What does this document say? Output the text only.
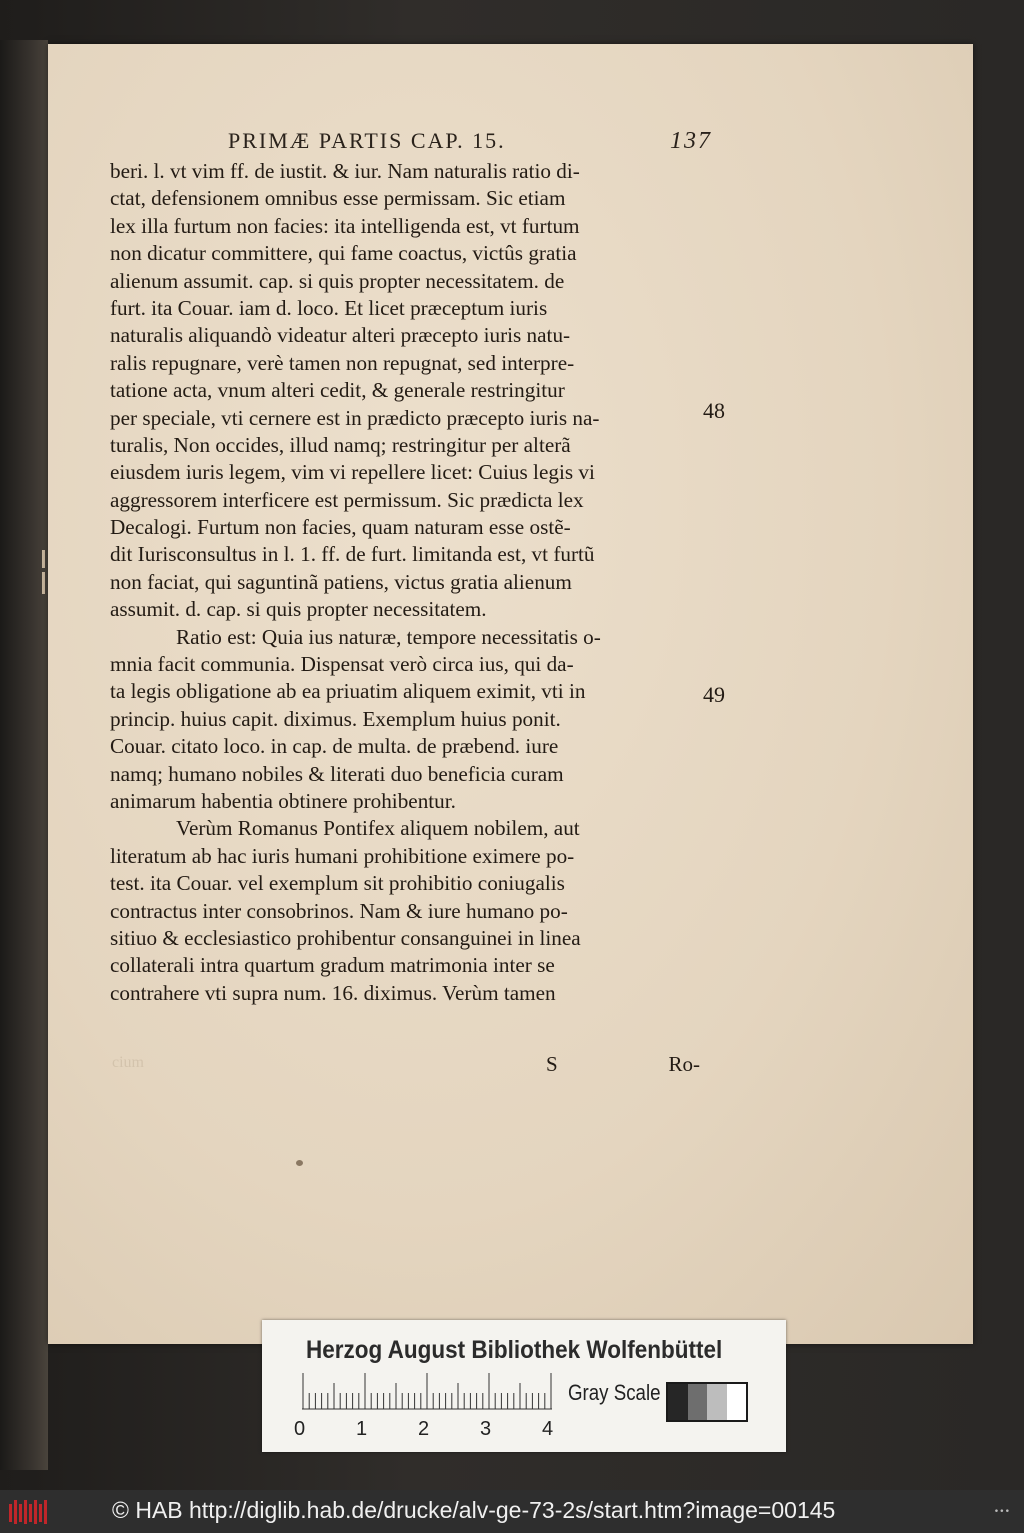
PRIMÆ PARTIS CAP. 15.	137
beri. l. vt vim ff. de iustit. & iur. Nam naturalis ratio di-
ctat, defensionem omnibus esse permissam. Sic etiam
lex illa furtum non facies: ita intelligenda est, vt furtum
non dicatur committere, qui fame coactus, victûs gratia
alienum assumit. cap. si quis propter necessitatem. de
furt. ita Couar. iam d. loco. Et licet præceptum iuris
naturalis aliquandò videatur alteri præcepto iuris natu-
ralis repugnare, verè tamen non repugnat, sed interpre-
tatione acta, vnum alteri cedit, & generale restringitur
per speciale, vti cernere est in prædicto præcepto iuris na-
turalis, Non occides, illud namq; restringitur per alterã
eiusdem iuris legem, vim vi repellere licet: Cuius legis vi
aggressorem interficere est permissum. Sic prædicta lex
Decalogi. Furtum non facies, quam naturam esse ostẽ-
dit Iurisconsultus in l. 1. ff. de furt. limitanda est, vt furtũ
non faciat, qui saguntinã patiens, victus gratia alienum
assumit. d. cap. si quis propter necessitatem.
Ratio est: Quia ius naturæ, tempore necessitatis o-
mnia facit communia. Dispensat verò circa ius, qui da-
ta legis obligatione ab ea priuatim aliquem eximit, vti in
princip. huius capit. diximus. Exemplum huius ponit.
Couar. citato loco. in cap. de multa. de præbend. iure
namq; humano nobiles & literati duo beneficia curam
animarum habentia obtinere prohibentur.
Verùm Romanus Pontifex aliquem nobilem, aut
literatum ab hac iuris humani prohibitione eximere po-
test. ita Couar. vel exemplum sit prohibitio coniugalis
contractus inter consobrinos. Nam & iure humano po-
sitiuo & ecclesiastico prohibentur consanguinei in linea
collaterali intra quartum gradum matrimonia inter se
contrahere vti supra num. 16. diximus. Verùm tamen
48
49
cium	S	Ro-
Herzog August Bibliothek Wolfenbüttel
0	1	2	3	4
Gray Scale
© HAB http://diglib.hab.de/drucke/alv-ge-73-2s/start.htm?image=00145	•••
